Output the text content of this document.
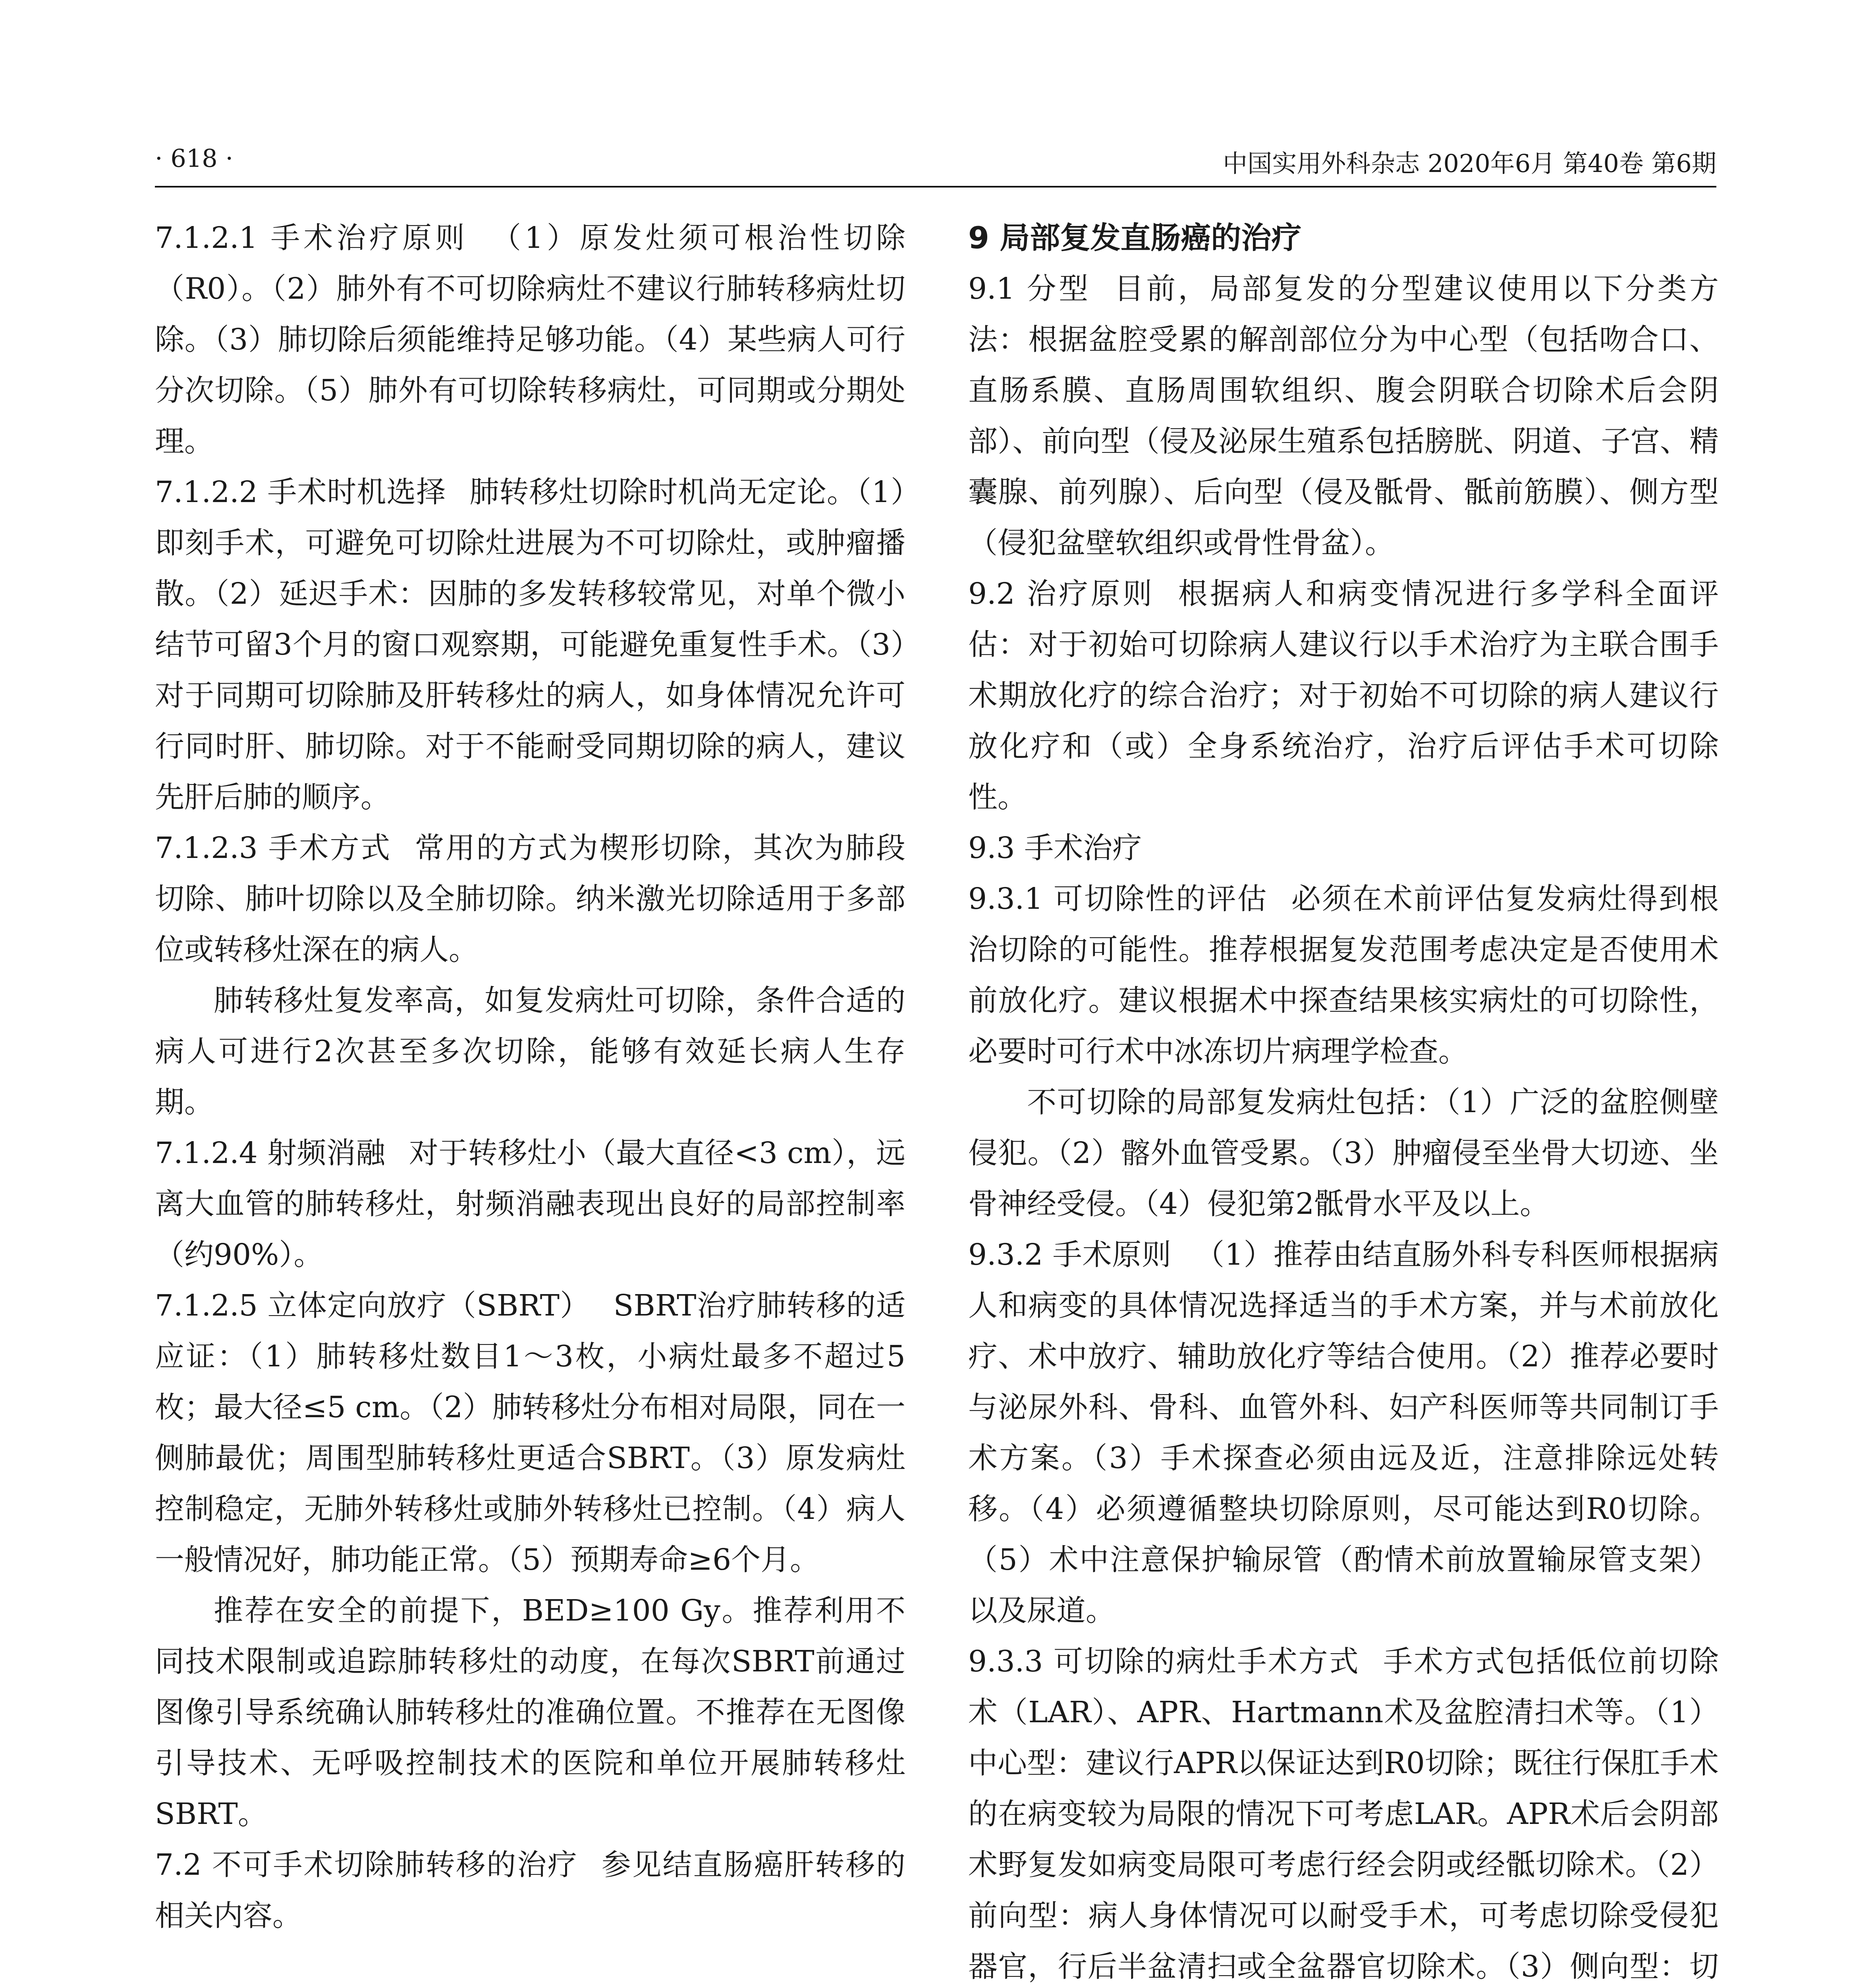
· 618 ·	中国实用外科杂志 2020年6月 第40卷 第6期

7.1.2.1 手术治疗原则 （1）原发灶须可根治性切除（R0）。（2）肺外有不可切除病灶不建议行肺转移病灶切除。（3）肺切除后须能维持足够功能。（4）某些病人可行分次切除。（5）肺外有可切除转移病灶，可同期或分期处理。

7.1.2.2 手术时机选择 肺转移灶切除时机尚无定论。（1）即刻手术，可避免可切除灶进展为不可切除灶，或肿瘤播散。（2）延迟手术：因肺的多发转移较常见，对单个微小结节可留3个月的窗口观察期，可能避免重复性手术。（3）对于同期可切除肺及肝转移灶的病人，如身体情况允许可行同时肝、肺切除。对于不能耐受同期切除的病人，建议先肝后肺的顺序。

7.1.2.3 手术方式 常用的方式为楔形切除，其次为肺段切除、肺叶切除以及全肺切除。纳米激光切除适用于多部位或转移灶深在的病人。

肺转移灶复发率高，如复发病灶可切除，条件合适的病人可进行2次甚至多次切除，能够有效延长病人生存期。

7.1.2.4 射频消融 对于转移灶小（最大直径<3 cm），远离大血管的肺转移灶，射频消融表现出良好的局部控制率（约90%）。

7.1.2.5 立体定向放疗（SBRT） SBRT治疗肺转移的适应证：（1）肺转移灶数目1～3枚，小病灶最多不超过5枚；最大径≤5 cm。（2）肺转移灶分布相对局限，同在一侧肺最优；周围型肺转移灶更适合SBRT。（3）原发病灶控制稳定，无肺外转移灶或肺外转移灶已控制。（4）病人一般情况好，肺功能正常。（5）预期寿命≥6个月。

推荐在安全的前提下，BED≥100 Gy。推荐利用不同技术限制或追踪肺转移灶的动度，在每次SBRT前通过图像引导系统确认肺转移灶的准确位置。不推荐在无图像引导技术、无呼吸控制技术的医院和单位开展肺转移灶SBRT。

7.2 不可手术切除肺转移的治疗 参见结直肠癌肝转移的相关内容。

9 局部复发直肠癌的治疗

9.1 分型 目前，局部复发的分型建议使用以下分类方法：根据盆腔受累的解剖部位分为中心型（包括吻合口、直肠系膜、直肠周围软组织、腹会阴联合切除术后会阴部）、前向型（侵及泌尿生殖系包括膀胱、阴道、子宫、精囊腺、前列腺）、后向型（侵及骶骨、骶前筋膜）、侧方型（侵犯盆壁软组织或骨性骨盆）。

9.2 治疗原则 根据病人和病变情况进行多学科全面评估：对于初始可切除病人建议行以手术治疗为主联合围手术期放化疗的综合治疗；对于初始不可切除的病人建议行放化疗和（或）全身系统治疗，治疗后评估手术可切除性。

9.3 手术治疗

9.3.1 可切除性的评估 必须在术前评估复发病灶得到根治切除的可能性。推荐根据复发范围考虑决定是否使用术前放化疗。建议根据术中探查结果核实病灶的可切除性，必要时可行术中冰冻切片病理学检查。

不可切除的局部复发病灶包括：（1）广泛的盆腔侧壁侵犯。（2）髂外血管受累。（3）肿瘤侵至坐骨大切迹、坐骨神经受侵。（4）侵犯第2骶骨水平及以上。

9.3.2 手术原则 （1）推荐由结直肠外科专科医师根据病人和病变的具体情况选择适当的手术方案，并与术前放化疗、术中放疗、辅助放化疗等结合使用。（2）推荐必要时与泌尿外科、骨科、血管外科、妇产科医师等共同制订手术方案。（3）手术探查必须由远及近，注意排除远处转移。（4）必须遵循整块切除原则，尽可能达到R0切除。（5）术中注意保护输尿管（酌情术前放置输尿管支架）以及尿道。

9.3.3 可切除的病灶手术方式 手术方式包括低位前切除术（LAR）、APR、Hartmann术及盆腔清扫术等。（1）中心型：建议行APR以保证达到R0切除；既往行保肛手术的在病变较为局限的情况下可考虑LAR。APR术后会阴部术野复发如病变局限可考虑行经会阴或经骶切除术。（2）前向型：病人身体情况可以耐受手术，可考虑切除受侵犯器官，行后半盆清扫或全盆器官切除术。（3）侧向型：切
